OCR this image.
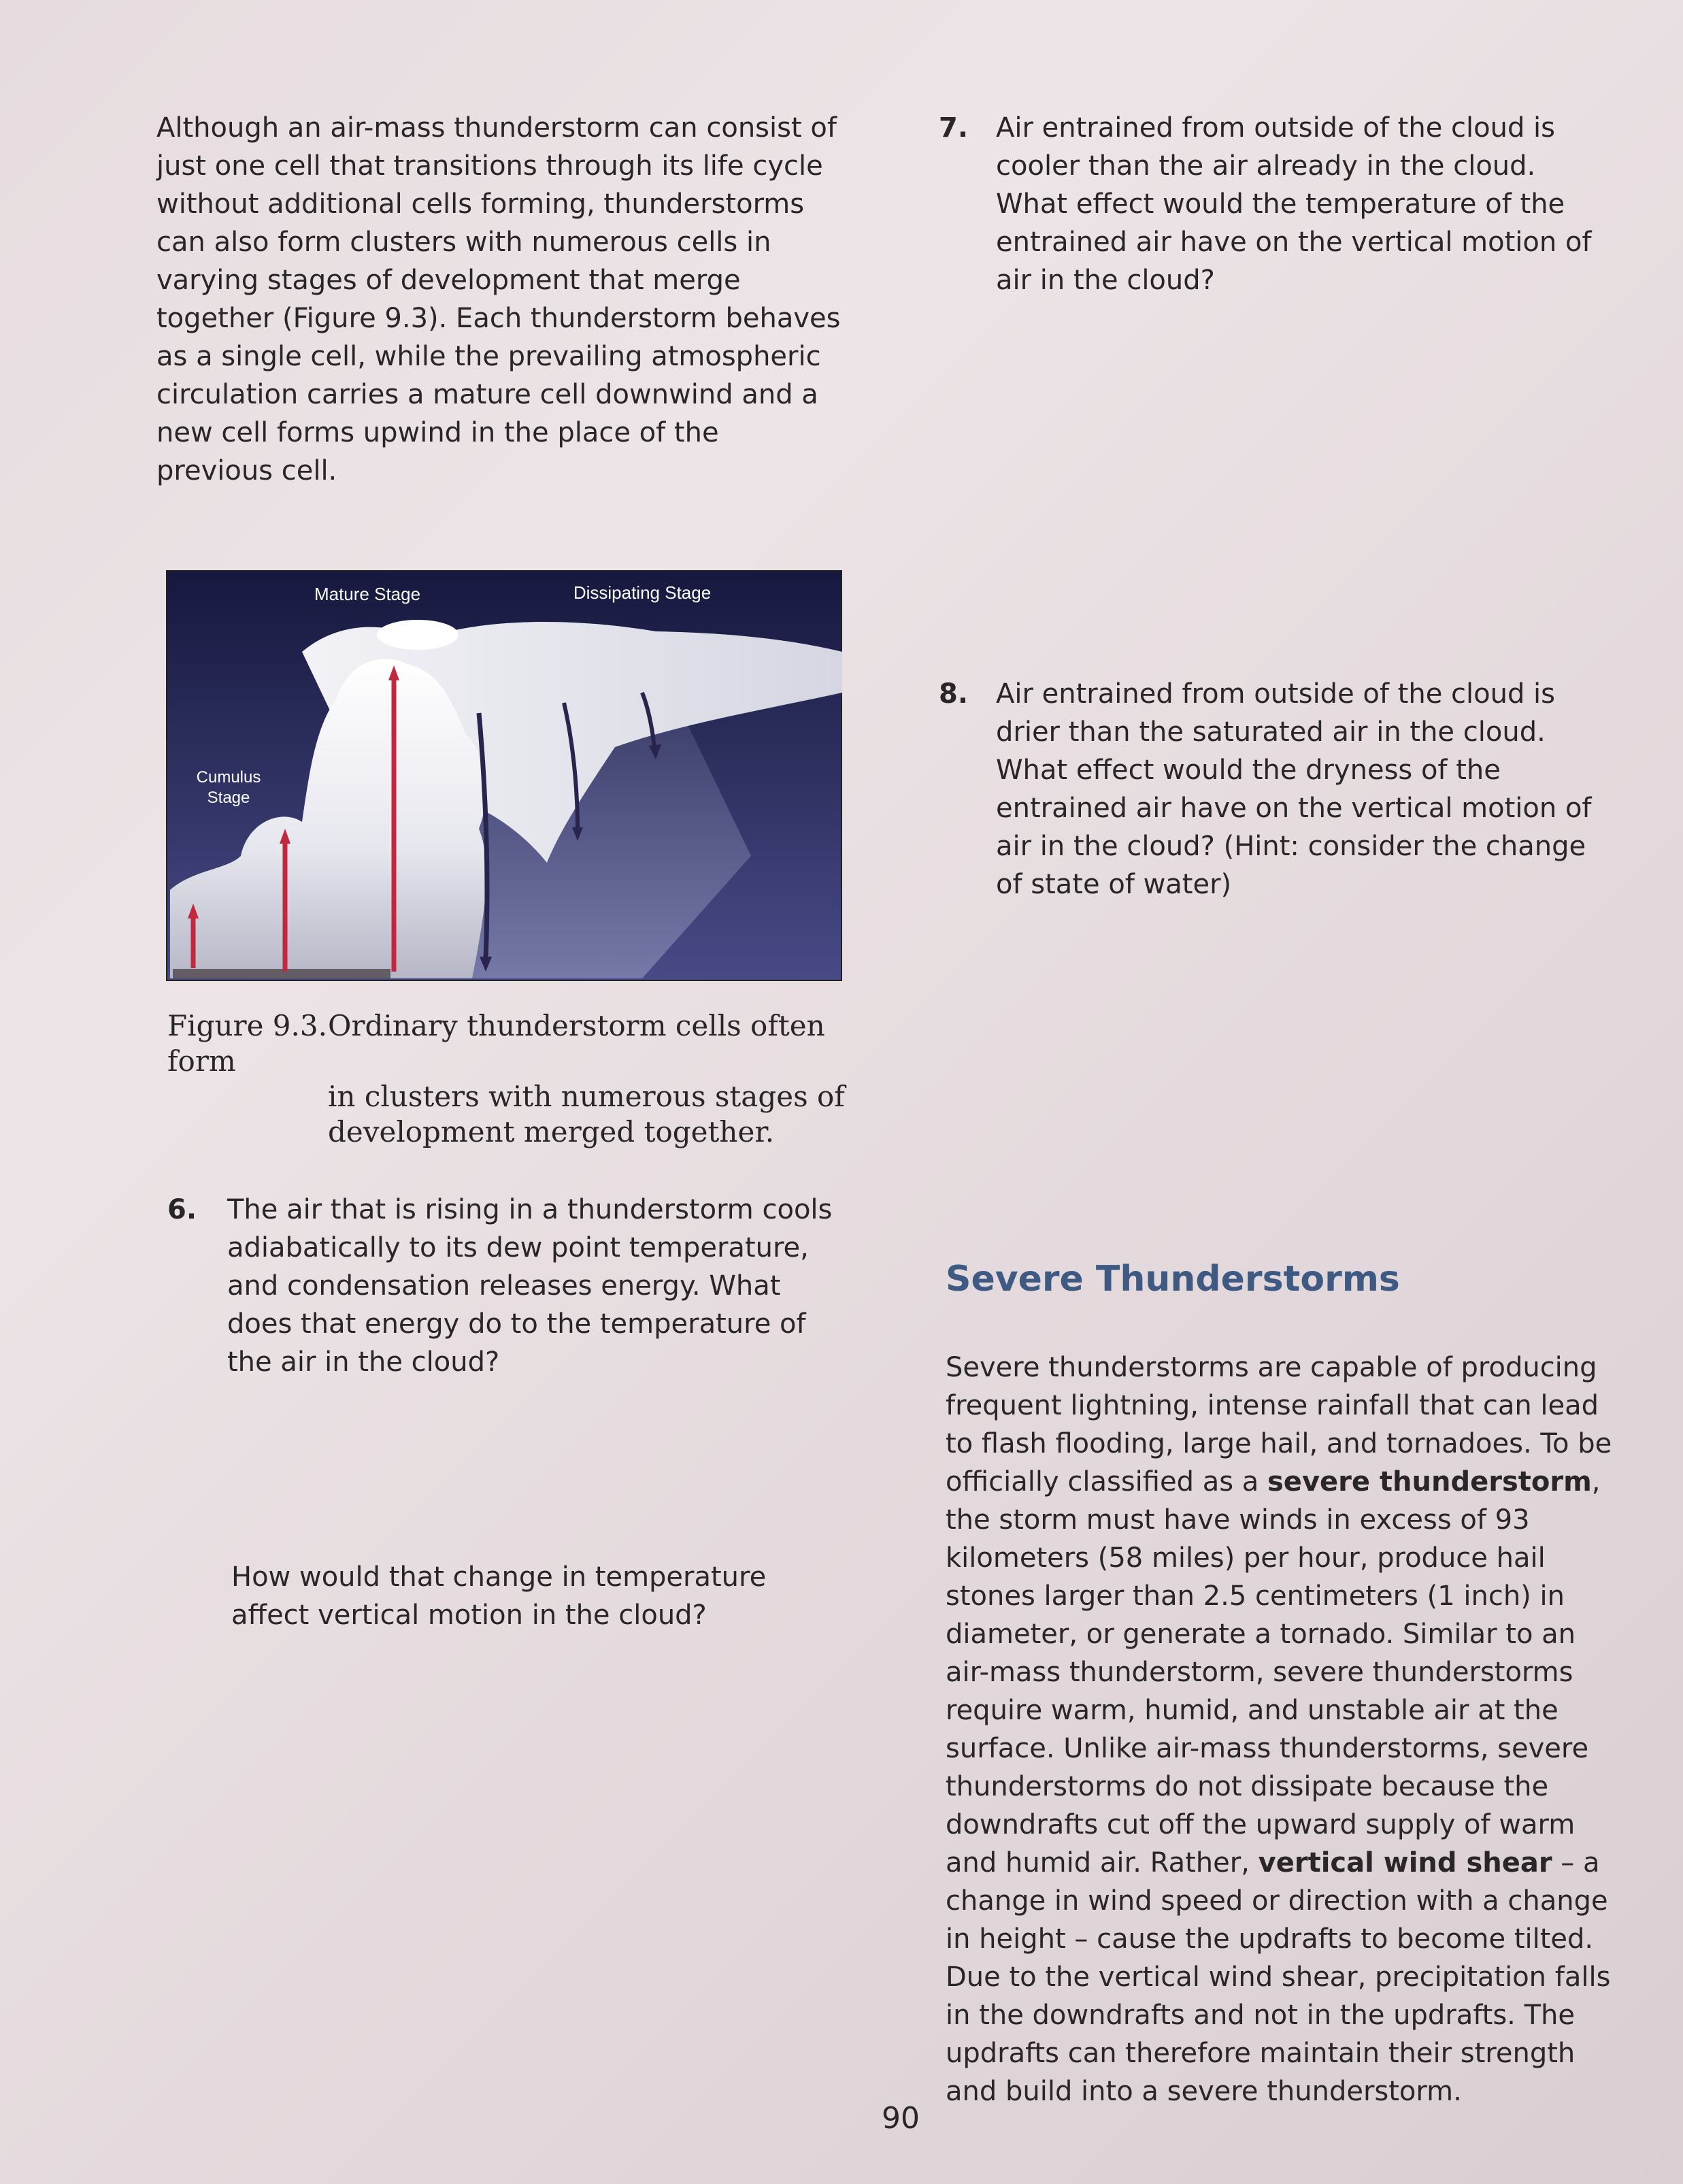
Although an air-mass thunderstorm can consist of just one cell that transitions through its life cycle without additional cells forming, thunderstorms can also form clusters with numerous cells in varying stages of development that merge together (Figure 9.3). Each thunderstorm behaves as a single cell, while the prevailing atmospheric circulation carries a mature cell downwind and a new cell forms upwind in the place of the previous cell.

7. Air entrained from outside of the cloud is cooler than the air already in the cloud. What effect would the temperature of the entrained air have on the vertical motion of air in the cloud?
Mature Stage	Dissipating Stage
Cumulus
Stage
Figure 9.3.Ordinary thunderstorm cells often form
in clusters with numerous stages of
development merged together.
8. Air entrained from outside of the cloud is drier than the saturated air in the cloud. What effect would the dryness of the entrained air have on the vertical motion of air in the cloud? (Hint: consider the change of state of water)
6. The air that is rising in a thunderstorm cools adiabatically to its dew point temperature, and condensation releases energy. What does that energy do to the temperature of the air in the cloud?

How would that change in temperature affect vertical motion in the cloud?

Severe Thunderstorms

Severe thunderstorms are capable of producing frequent lightning, intense rainfall that can lead to flash flooding, large hail, and tornadoes. To be officially classified as a severe thunderstorm, the storm must have winds in excess of 93 kilometers (58 miles) per hour, produce hail stones larger than 2.5 centimeters (1 inch) in diameter, or generate a tornado. Similar to an air-mass thunderstorm, severe thunderstorms require warm, humid, and unstable air at the surface. Unlike air-mass thunderstorms, severe thunderstorms do not dissipate because the downdrafts cut off the upward supply of warm and humid air. Rather, vertical wind shear – a change in wind speed or direction with a change in height – cause the updrafts to become tilted. Due to the vertical wind shear, precipitation falls in the downdrafts and not in the updrafts. The updrafts can therefore maintain their strength and build into a severe thunderstorm.

90
